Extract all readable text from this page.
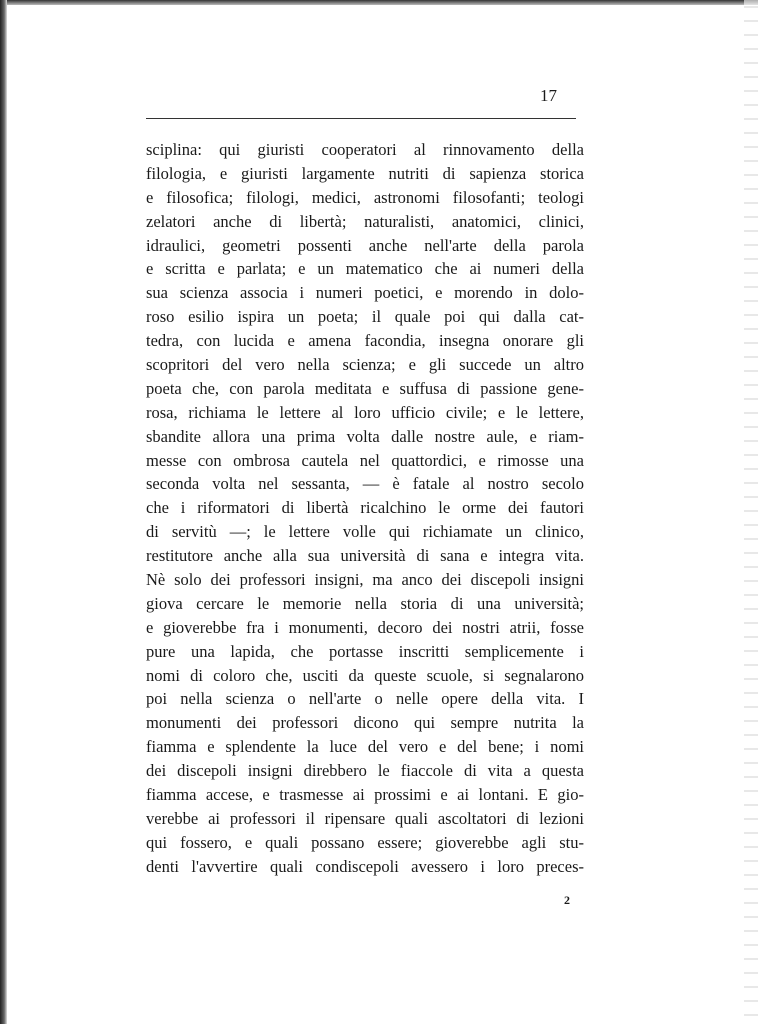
17
sciplina: qui giuristi cooperatori al rinnovamento della
filologia, e giuristi largamente nutriti di sapienza storica
e filosofica; filologi, medici, astronomi filosofanti; teologi
zelatori anche di libertà; naturalisti, anatomici, clinici,
idraulici, geometri possenti anche nell'arte della parola
e scritta e parlata; e un matematico che ai numeri della
sua scienza associa i numeri poetici, e morendo in dolo-
roso esilio ispira un poeta; il quale poi qui dalla cat-
tedra, con lucida e amena facondia, insegna onorare gli
scopritori del vero nella scienza; e gli succede un altro
poeta che, con parola meditata e suffusa di passione gene-
rosa, richiama le lettere al loro ufficio civile; e le lettere,
sbandite allora una prima volta dalle nostre aule, e riam-
messe con ombrosa cautela nel quattordici, e rimosse una
seconda volta nel sessanta, — è fatale al nostro secolo
che i riformatori di libertà ricalchino le orme dei fautori
di servitù —; le lettere volle qui richiamate un clinico,
restitutore anche alla sua università di sana e integra vita.
Nè solo dei professori insigni, ma anco dei discepoli insigni
giova cercare le memorie nella storia di una università;
e gioverebbe fra i monumenti, decoro dei nostri atrii, fosse
pure una lapida, che portasse inscritti semplicemente i
nomi di coloro che, usciti da queste scuole, si segnalarono
poi nella scienza o nell'arte o nelle opere della vita. I
monumenti dei professori dicono qui sempre nutrita la
fiamma e splendente la luce del vero e del bene; i nomi
dei discepoli insigni direbbero le fiaccole di vita a questa
fiamma accese, e trasmesse ai prossimi e ai lontani. E gio-
verebbe ai professori il ripensare quali ascoltatori di lezioni
qui fossero, e quali possano essere; gioverebbe agli stu-
denti l'avvertire quali condiscepoli avessero i loro preces-
2
